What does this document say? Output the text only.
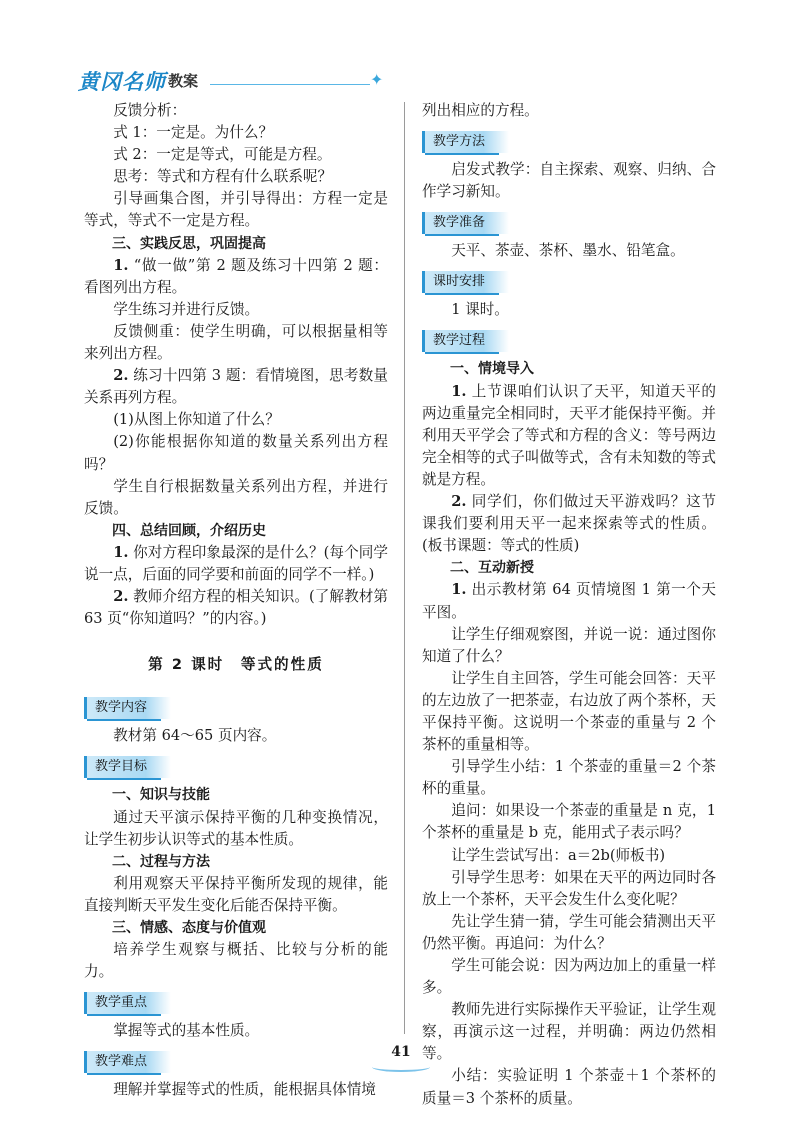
黄冈名师 教案	✦

反馈分析：

式 1：一定是。为什么？

式 2：一定是等式，可能是方程。

思考：等式和方程有什么联系呢？

引导画集合图，并引导得出：方程一定是等式，等式不一定是方程。

三、实践反思，巩固提高

1. “做一做”第 2 题及练习十四第 2 题：看图列出方程。

学生练习并进行反馈。

反馈侧重：使学生明确，可以根据量相等来列出方程。

2. 练习十四第 3 题：看情境图，思考数量关系再列方程。

(1)从图上你知道了什么？

(2)你能根据你知道的数量关系列出方程吗？

学生自行根据数量关系列出方程，并进行反馈。

四、总结回顾，介绍历史

1. 你对方程印象最深的是什么？(每个同学说一点，后面的同学要和前面的同学不一样。)

2. 教师介绍方程的相关知识。(了解教材第 63 页“你知道吗？”的内容。)

第 2 课时　等式的性质

教学内容

教材第 64～65 页内容。

教学目标

一、知识与技能

通过天平演示保持平衡的几种变换情况，让学生初步认识等式的基本性质。

二、过程与方法

利用观察天平保持平衡所发现的规律，能直接判断天平发生变化后能否保持平衡。

三、情感、态度与价值观

培养学生观察与概括、比较与分析的能力。

教学重点

掌握等式的基本性质。

教学难点

理解并掌握等式的性质，能根据具体情境

列出相应的方程。

教学方法

启发式教学：自主探索、观察、归纳、合作学习新知。

教学准备

天平、茶壶、茶杯、墨水、铅笔盒。

课时安排

1 课时。

教学过程

一、情境导入

1. 上节课咱们认识了天平，知道天平的两边重量完全相同时，天平才能保持平衡。并利用天平学会了等式和方程的含义：等号两边完全相等的式子叫做等式，含有未知数的等式就是方程。

2. 同学们，你们做过天平游戏吗？这节课我们要利用天平一起来探索等式的性质。(板书课题：等式的性质)

二、互动新授

1. 出示教材第 64 页情境图 1 第一个天平图。

让学生仔细观察图，并说一说：通过图你知道了什么？

让学生自主回答，学生可能会回答：天平的左边放了一把茶壶，右边放了两个茶杯，天平保持平衡。这说明一个茶壶的重量与 2 个茶杯的重量相等。

引导学生小结：1 个茶壶的重量＝2 个茶杯的重量。

追问：如果设一个茶壶的重量是 n 克，1 个茶杯的重量是 b 克，能用式子表示吗？

让学生尝试写出：a＝2b(师板书)

引导学生思考：如果在天平的两边同时各放上一个茶杯，天平会发生什么变化呢？

先让学生猜一猜，学生可能会猜测出天平仍然平衡。再追问：为什么？

学生可能会说：因为两边加上的重量一样多。

教师先进行实际操作天平验证，让学生观察，再演示这一过程，并明确：两边仍然相等。

小结：实验证明 1 个茶壶＋1 个茶杯的质量＝3 个茶杯的质量。

41
